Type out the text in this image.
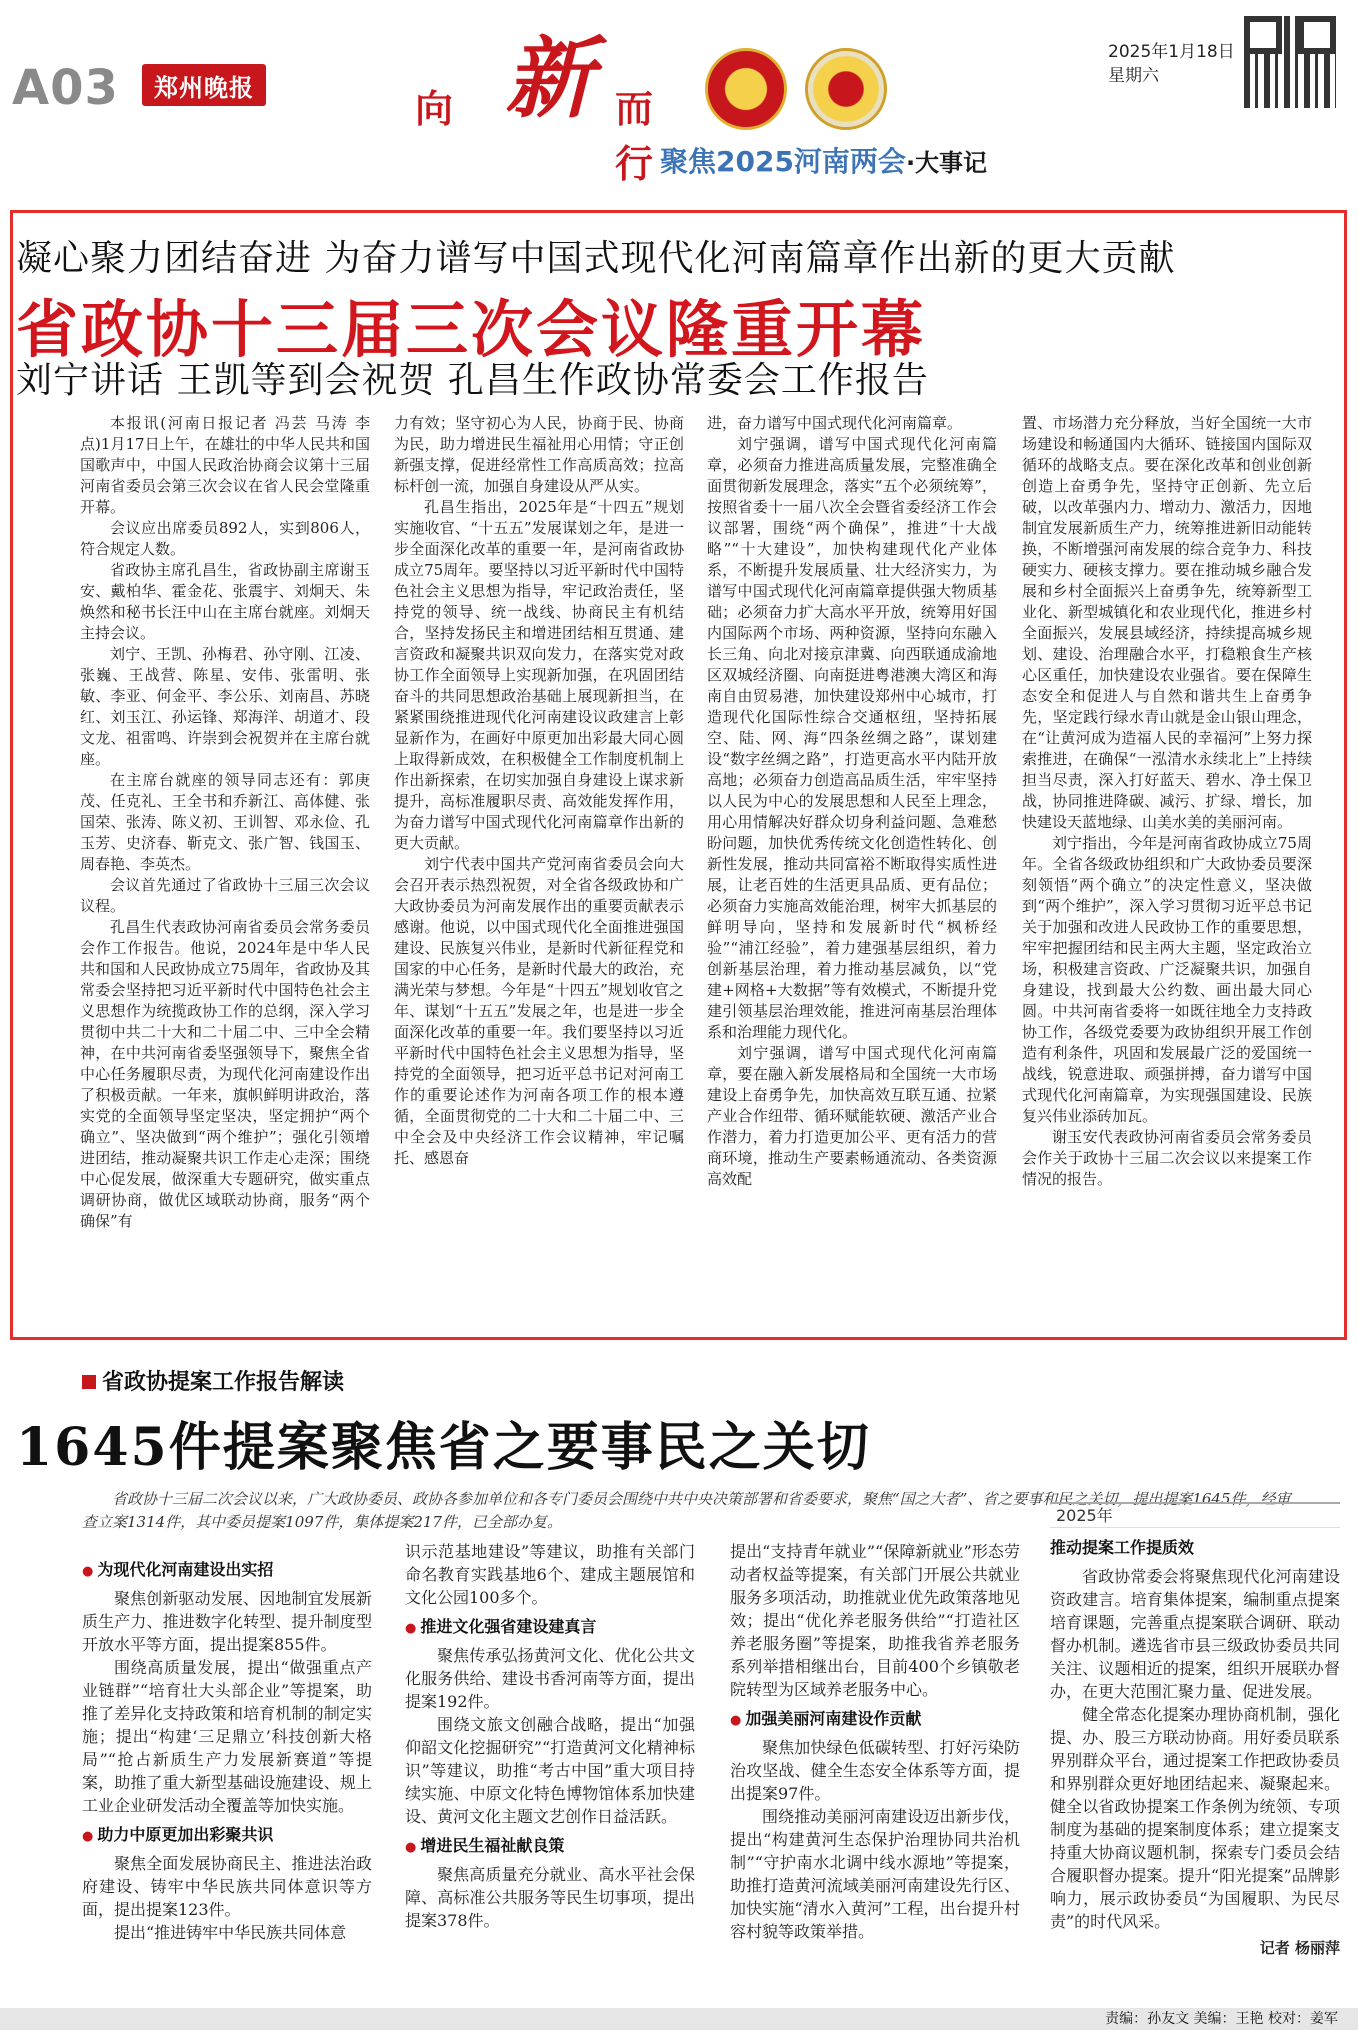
A03	郑州晚报	向 新 而行 聚焦2025河南两会·大事记
2025年1月18日
星期六
凝心聚力团结奋进 为奋力谱写中国式现代化河南篇章作出新的更大贡献
省政协十三届三次会议隆重开幕
刘宁讲话 王凯等到会祝贺 孔昌生作政协常委会工作报告

本报讯(河南日报记者 冯芸 马涛 李点)1月17日上午，在雄壮的中华人民共和国国歌声中，中国人民政治协商会议第十三届河南省委员会第三次会议在省人民会堂隆重开幕。

会议应出席委员892人，实到806人，符合规定人数。

省政协主席孔昌生，省政协副主席谢玉安、戴柏华、霍金花、张震宇、刘炯天、朱焕然和秘书长汪中山在主席台就座。刘炯天主持会议。

刘宁、王凯、孙梅君、孙守刚、江凌、张巍、王战营、陈星、安伟、张雷明、张敏、李亚、何金平、李公乐、刘南昌、苏晓红、刘玉江、孙运锋、郑海洋、胡道才、段文龙、祖雷鸣、许崇到会祝贺并在主席台就座。

在主席台就座的领导同志还有：郭庚茂、任克礼、王全书和乔新江、高体健、张国荣、张涛、陈义初、王训智、邓永俭、孔玉芳、史济春、靳克文、张广智、钱国玉、周春艳、李英杰。

会议首先通过了省政协十三届三次会议议程。

孔昌生代表政协河南省委员会常务委员会作工作报告。他说，2024年是中华人民共和国和人民政协成立75周年，省政协及其常委会坚持把习近平新时代中国特色社会主义思想作为统揽政协工作的总纲，深入学习贯彻中共二十大和二十届二中、三中全会精神，在中共河南省委坚强领导下，聚焦全省中心任务履职尽责，为现代化河南建设作出了积极贡献。一年来，旗帜鲜明讲政治，落实党的全面领导坚定坚决，坚定拥护“两个确立”、坚决做到“两个维护”；强化引领增进团结，推动凝聚共识工作走心走深；围绕中心促发展，做深重大专题研究，做实重点调研协商，做优区域联动协商，服务“两个确保”有

力有效；坚守初心为人民，协商于民、协商为民，助力增进民生福祉用心用情；守正创新强支撑，促进经常性工作高质高效；拉高标杆创一流，加强自身建设从严从实。

孔昌生指出，2025年是“十四五”规划实施收官、“十五五”发展谋划之年，是进一步全面深化改革的重要一年，是河南省政协成立75周年。要坚持以习近平新时代中国特色社会主义思想为指导，牢记政治责任，坚持党的领导、统一战线、协商民主有机结合，坚持发扬民主和增进团结相互贯通、建言资政和凝聚共识双向发力，在落实党对政协工作全面领导上实现新加强，在巩固团结奋斗的共同思想政治基础上展现新担当，在紧紧围绕推进现代化河南建设议政建言上彰显新作为，在画好中原更加出彩最大同心圆上取得新成效，在积极健全工作制度机制上作出新探索，在切实加强自身建设上谋求新提升，高标准履职尽责、高效能发挥作用，为奋力谱写中国式现代化河南篇章作出新的更大贡献。

刘宁代表中国共产党河南省委员会向大会召开表示热烈祝贺，对全省各级政协和广大政协委员为河南发展作出的重要贡献表示感谢。他说，以中国式现代化全面推进强国建设、民族复兴伟业，是新时代新征程党和国家的中心任务，是新时代最大的政治，充满光荣与梦想。今年是“十四五”规划收官之年、谋划“十五五”发展之年，也是进一步全面深化改革的重要一年。我们要坚持以习近平新时代中国特色社会主义思想为指导，坚持党的全面领导，把习近平总书记对河南工作的重要论述作为河南各项工作的根本遵循，全面贯彻党的二十大和二十届二中、三中全会及中央经济工作会议精神，牢记嘱托、感恩奋

进，奋力谱写中国式现代化河南篇章。

刘宁强调，谱写中国式现代化河南篇章，必须奋力推进高质量发展，完整准确全面贯彻新发展理念，落实“五个必须统筹”，按照省委十一届八次全会暨省委经济工作会议部署，围绕“两个确保”，推进“十大战略”“十大建设”，加快构建现代化产业体系，不断提升发展质量、壮大经济实力，为谱写中国式现代化河南篇章提供强大物质基础；必须奋力扩大高水平开放，统筹用好国内国际两个市场、两种资源，坚持向东融入长三角、向北对接京津冀、向西联通成渝地区双城经济圈、向南挺进粤港澳大湾区和海南自由贸易港，加快建设郑州中心城市，打造现代化国际性综合交通枢纽，坚持拓展空、陆、网、海“四条丝绸之路”，谋划建设“数字丝绸之路”，打造更高水平内陆开放高地；必须奋力创造高品质生活，牢牢坚持以人民为中心的发展思想和人民至上理念，用心用情解决好群众切身利益问题、急难愁盼问题，加快优秀传统文化创造性转化、创新性发展，推动共同富裕不断取得实质性进展，让老百姓的生活更具品质、更有品位；必须奋力实施高效能治理，树牢大抓基层的鲜明导向，坚持和发展新时代“枫桥经验”“浦江经验”，着力建强基层组织，着力创新基层治理，着力推动基层减负，以“党建+网格+大数据”等有效模式，不断提升党建引领基层治理效能，推进河南基层治理体系和治理能力现代化。

刘宁强调，谱写中国式现代化河南篇章，要在融入新发展格局和全国统一大市场建设上奋勇争先，加快高效互联互通、拉紧产业合作纽带、循环赋能软硬、激活产业合作潜力，着力打造更加公平、更有活力的营商环境，推动生产要素畅通流动、各类资源高效配

置、市场潜力充分释放，当好全国统一大市场建设和畅通国内大循环、链接国内国际双循环的战略支点。要在深化改革和创业创新创造上奋勇争先，坚持守正创新、先立后破，以改革强内力、增动力、激活力，因地制宜发展新质生产力，统筹推进新旧动能转换，不断增强河南发展的综合竞争力、科技硬实力、硬核支撑力。要在推动城乡融合发展和乡村全面振兴上奋勇争先，统筹新型工业化、新型城镇化和农业现代化，推进乡村全面振兴，发展县域经济，持续提高城乡规划、建设、治理融合水平，打稳粮食生产核心区重任，加快建设农业强省。要在保障生态安全和促进人与自然和谐共生上奋勇争先，坚定践行绿水青山就是金山银山理念，在“让黄河成为造福人民的幸福河”上努力探索推进，在确保“一泓清水永续北上”上持续担当尽责，深入打好蓝天、碧水、净土保卫战，协同推进降碳、减污、扩绿、增长，加快建设天蓝地绿、山美水美的美丽河南。

刘宁指出，今年是河南省政协成立75周年。全省各级政协组织和广大政协委员要深刻领悟“两个确立”的决定性意义，坚决做到“两个维护”，深入学习贯彻习近平总书记关于加强和改进人民政协工作的重要思想，牢牢把握团结和民主两大主题，坚定政治立场，积极建言资政、广泛凝聚共识，加强自身建设，找到最大公约数、画出最大同心圆。中共河南省委将一如既往地全力支持政协工作，各级党委要为政协组织开展工作创造有利条件，巩固和发展最广泛的爱国统一战线，锐意进取、顽强拼搏，奋力谱写中国式现代化河南篇章，为实现强国建设、民族复兴伟业添砖加瓦。

谢玉安代表政协河南省委员会常务委员会作关于政协十三届二次会议以来提案工作情况的报告。

省政协提案工作报告解读
1645件提案聚焦省之要事民之关切
省政协十三届二次会议以来，广大政协委员、政协各参加单位和各专门委员会围绕中共中央决策部署和省委要求，聚焦“国之大者”、省之要事和民之关切，提出提案1645件，经审查立案1314件，其中委员提案1097件，集体提案217件，已全部办复。
● 为现代化河南建设出实招

聚焦创新驱动发展、因地制宜发展新质生产力、推进数字化转型、提升制度型开放水平等方面，提出提案855件。

围绕高质量发展，提出“做强重点产业链群”“培育壮大头部企业”等提案，助推了差异化支持政策和培育机制的制定实施；提出“构建‘三足鼎立’科技创新大格局”“抢占新质生产力发展新赛道”等提案，助推了重大新型基础设施建设、规上工业企业研发活动全覆盖等加快实施。

● 助力中原更加出彩聚共识

聚焦全面发展协商民主、推进法治政府建设、铸牢中华民族共同体意识等方面，提出提案123件。

提出“推进铸牢中华民族共同体意

识示范基地建设”等建议，助推有关部门命名教育实践基地6个、建成主题展馆和文化公园100多个。

● 推进文化强省建设建真言

聚焦传承弘扬黄河文化、优化公共文化服务供给、建设书香河南等方面，提出提案192件。

围绕文旅文创融合战略，提出“加强仰韶文化挖掘研究”“打造黄河文化精神标识”等建议，助推“考古中国”重大项目持续实施、中原文化特色博物馆体系加快建设、黄河文化主题文艺创作日益活跃。

● 增进民生福祉献良策

聚焦高质量充分就业、高水平社会保障、高标准公共服务等民生切事项，提出提案378件。

提出“支持青年就业”“保障新就业”形态劳动者权益等提案，有关部门开展公共就业服务多项活动，助推就业优先政策落地见效；提出“优化养老服务供给”“打造社区养老服务圈”等提案，助推我省养老服务系列举措相继出台，目前400个乡镇敬老院转型为区域养老服务中心。

● 加强美丽河南建设作贡献

聚焦加快绿色低碳转型、打好污染防治攻坚战、健全生态安全体系等方面，提出提案97件。

围绕推动美丽河南建设迈出新步伐，提出“构建黄河生态保护治理协同共治机制”“守护南水北调中线水源地”等提案，助推打造黄河流域美丽河南建设先行区、加快实施“清水入黄河”工程，出台提升村容村貌等政策举措。

2025年
推动提案工作提质效

省政协常委会将聚焦现代化河南建设资政建言。培育集体提案，编制重点提案培育课题，完善重点提案联合调研、联动督办机制。遴选省市县三级政协委员共同关注、议题相近的提案，组织开展联办督办，在更大范围汇聚力量、促进发展。

健全常态化提案办理协商机制，强化提、办、股三方联动协商。用好委员联系界别群众平台，通过提案工作把政协委员和界别群众更好地团结起来、凝聚起来。健全以省政协提案工作条例为统领、专项制度为基础的提案制度体系；建立提案支持重大协商议题机制，探索专门委员会结合履职督办提案。提升“阳光提案”品牌影响力，展示政协委员“为国履职、为民尽责”的时代风采。

记者 杨丽萍
责编：孙友文 美编：王艳 校对：姜军
